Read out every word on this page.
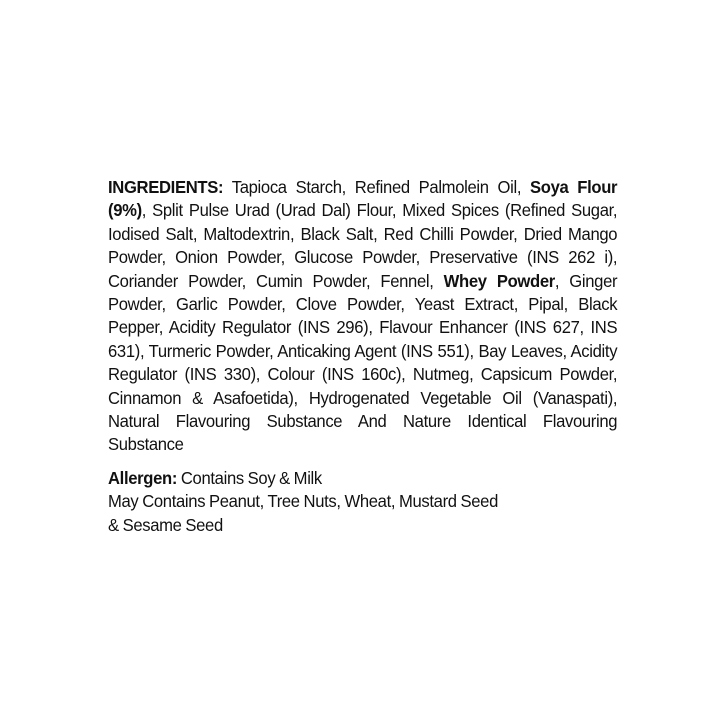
INGREDIENTS: Tapioca Starch, Refined Palmolein Oil, Soya Flour (9%), Split Pulse Urad (Urad Dal) Flour, Mixed Spices (Refined Sugar, Iodised Salt, Maltodextrin, Black Salt, Red Chilli Powder, Dried Mango Powder, Onion Powder, Glucose Powder, Preservative (INS 262 i), Coriander Powder, Cumin Powder, Fennel, Whey Powder, Ginger Powder, Garlic Powder, Clove Powder, Yeast Extract, Pipal, Black Pepper, Acidity Regulator (INS 296), Flavour Enhancer (INS 627, INS 631), Turmeric Powder, Anticaking Agent (INS 551), Bay Leaves, Acidity Regulator (INS 330), Colour (INS 160c), Nutmeg, Capsicum Powder, Cinnamon & Asafoetida), Hydrogenated Vegetable Oil (Vanaspati), Natural Flavouring Substance And Nature Identical Flavouring Substance

Allergen: Contains Soy & Milk

May Contains Peanut, Tree Nuts, Wheat, Mustard Seed

& Sesame Seed
